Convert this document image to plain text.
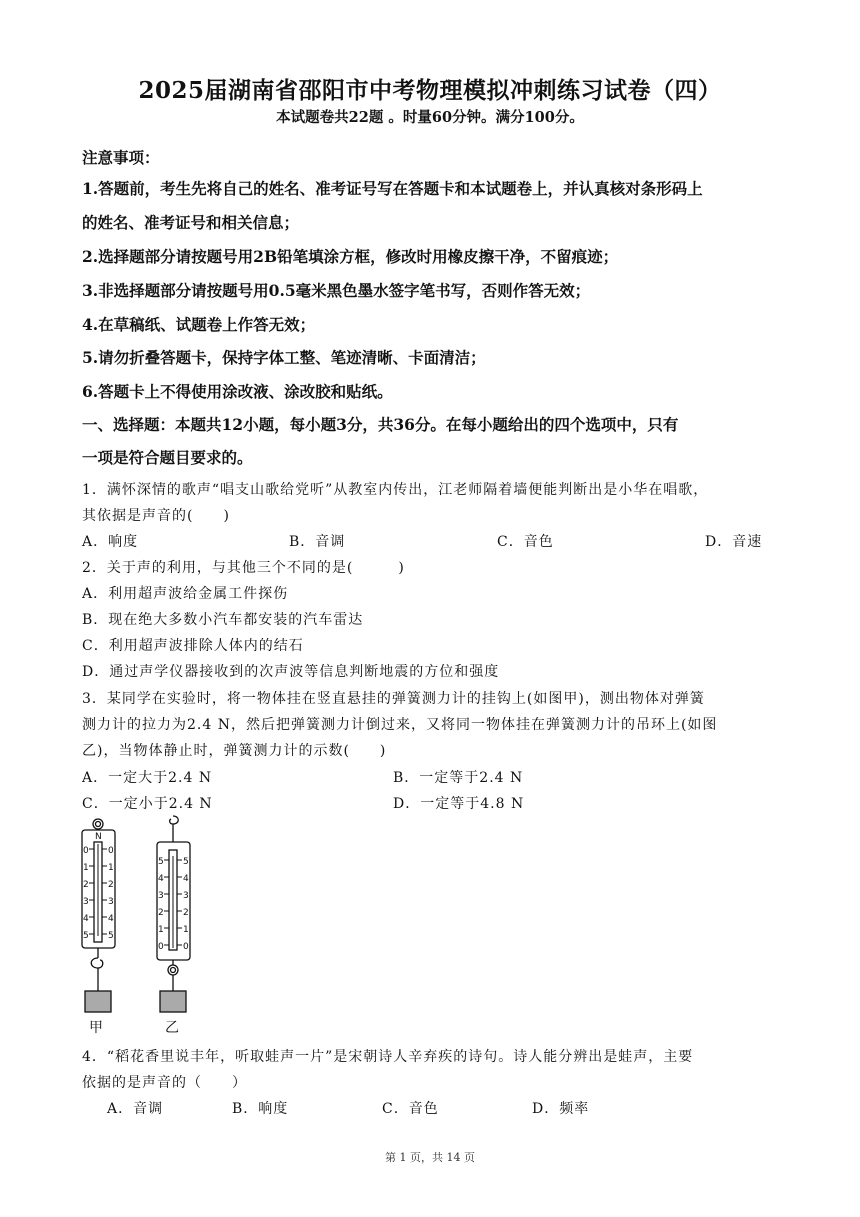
2025届湖南省邵阳市中考物理模拟冲刺练习试卷（四）
本试题卷共22题 。时量60分钟。满分100分。
注意事项：
1.答题前，考生先将自己的姓名、准考证号写在答题卡和本试题卷上，并认真核对条形码上
的姓名、准考证号和相关信息；
2.选择题部分请按题号用2B铅笔填涂方框，修改时用橡皮擦干净，不留痕迹；
3.非选择题部分请按题号用0.5毫米黑色墨水签字笔书写，否则作答无效；
4.在草稿纸、试题卷上作答无效；
5.请勿折叠答题卡，保持字体工整、笔迹清晰、卡面清洁；
6.答题卡上不得使用涂改液、涂改胶和贴纸。
一、选择题：本题共12小题，每小题3分，共36分。在每小题给出的四个选项中，只有
一项是符合题目要求的。
1．满怀深情的歌声“唱支山歌给党听”从教室内传出，江老师隔着墙便能判断出是小华在唱歌，
其依据是声音的(　　)
A．响度	B．音调	C．音色	D．音速
2．关于声的利用，与其他三个不同的是(　　　)
A．利用超声波给金属工件探伤
B．现在绝大多数小汽车都安装的汽车雷达
C．利用超声波排除人体内的结石
D．通过声学仪器接收到的次声波等信息判断地震的方位和强度
3．某同学在实验时，将一物体挂在竖直悬挂的弹簧测力计的挂钩上(如图甲)，测出物体对弹簧
测力计的拉力为2.4 N，然后把弹簧测力计倒过来，又将同一物体挂在弹簧测力计的吊环上(如图
乙)，当物体静止时，弹簧测力计的示数(　　)
A．一定大于2.4 N	B．一定等于2.4 N
C．一定小于2.4 N	D．一定等于4.8 N
N
0 0
1 1
2 2
3 3
4 4
5 5
甲
5 5
4 4
3 3
2 2
1 1
0 0
乙
4．“稻花香里说丰年，听取蛙声一片”是宋朝诗人辛弃疾的诗句。诗人能分辨出是蛙声，主要
依据的是声音的（　　）
A．音调	B．响度	C．音色	D．频率
第 1 页，共 14 页
